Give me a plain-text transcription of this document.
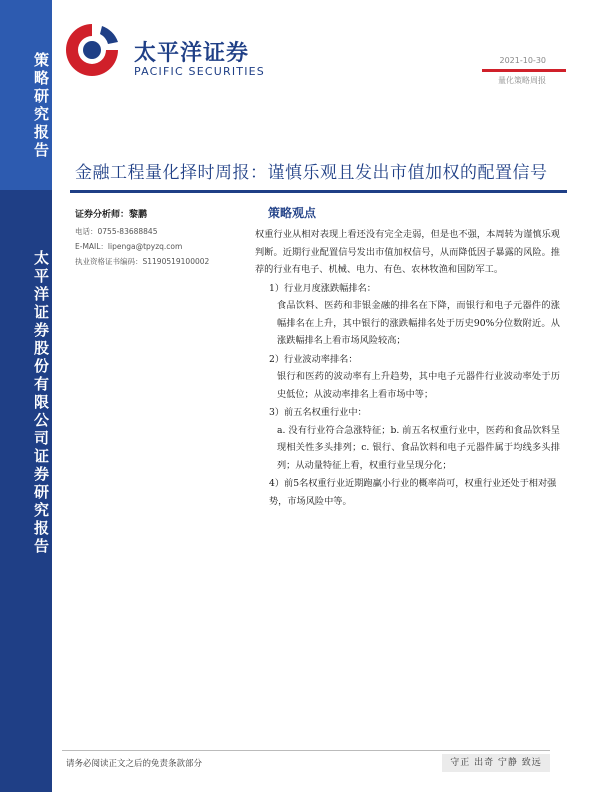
策略研究报告
太平洋证券股份有限公司证券研究报告
太平洋证券
PACIFIC SECURITIES
2021-10-30
量化策略周报
金融工程量化择时周报：谨慎乐观且发出市值加权的配置信号
证券分析师：黎鹏
电话：0755-83688845
E-MAIL：lipenga@tpyzq.com
执业资格证书编码：S1190519100002
策略观点

权重行业从相对表现上看还没有完全走弱，但是也不强，本周转为谨慎乐观判断。近期行业配置信号发出市值加权信号，从而降低因子暴露的风险。推荐的行业有电子、机械、电力、有色、农林牧渔和国防军工。

1）行业月度涨跌幅排名：
食品饮料、医药和非银金融的排名在下降，而银行和电子元器件的涨幅排名在上升，其中银行的涨跌幅排名处于历史90%分位数附近。从涨跌幅排名上看市场风险较高；
2）行业波动率排名：
银行和医药的波动率有上升趋势，其中电子元器件行业波动率处于历史低位；从波动率排名上看市场中等；
3）前五名权重行业中：
a. 没有行业符合急涨特征；b. 前五名权重行业中，医药和食品饮料呈现相关性多头排列；c. 银行、食品饮料和电子元器件属于均线多头排列；从动量特征上看，权重行业呈现分化；
4）前5名权重行业近期跑赢小行业的概率尚可，权重行业还处于相对强势，市场风险中等。
请务必阅读正文之后的免责条款部分	守正 出奇 宁静 致远
